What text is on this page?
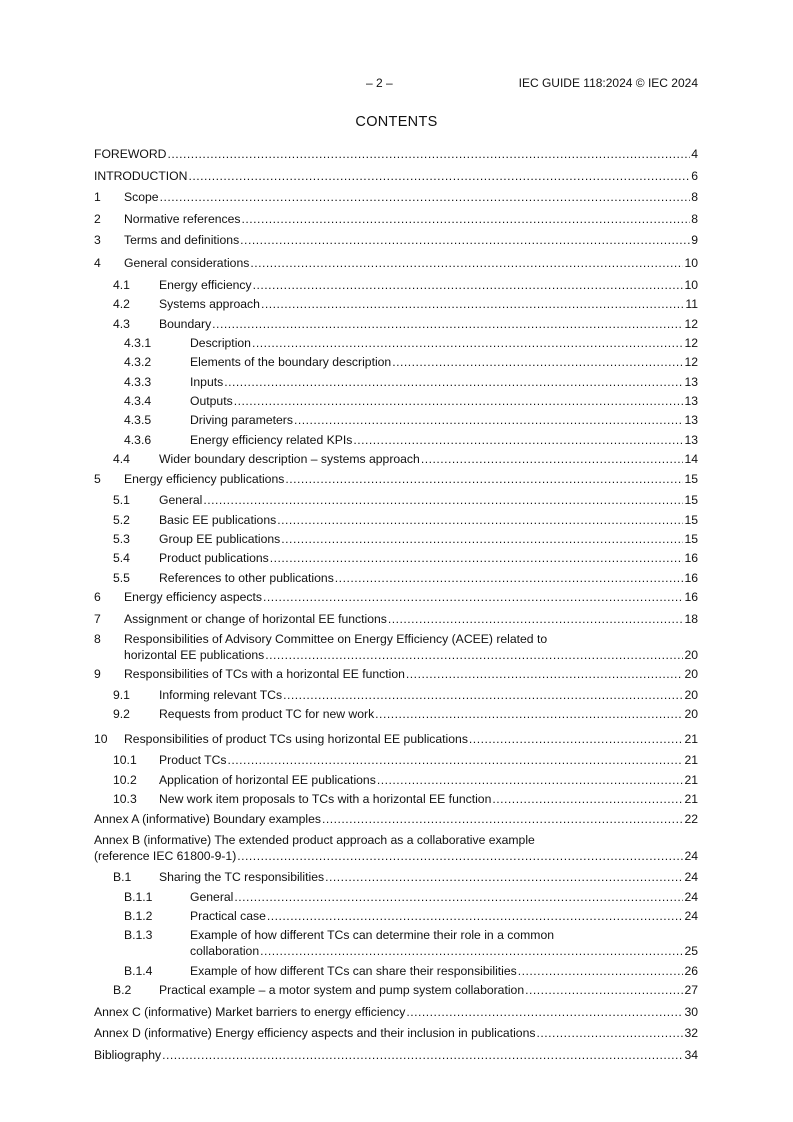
– 2 –	IEC GUIDE 118:2024 © IEC 2024
CONTENTS
FOREWORD .....	4
INTRODUCTION .....	6
1	Scope .....	8
2	Normative references .....	8
3	Terms and definitions .....	9
4	General considerations .....	10
4.1	Energy efficiency .....	10
4.2	Systems approach .....	11
4.3	Boundary .....	12
4.3.1	Description .....	12
4.3.2	Elements of the boundary description .....	12
4.3.3	Inputs .....	13
4.3.4	Outputs .....	13
4.3.5	Driving parameters .....	13
4.3.6	Energy efficiency related KPIs .....	13
4.4	Wider boundary description – systems approach .....	14
5	Energy efficiency publications .....	15
5.1	General .....	15
5.2	Basic EE publications .....	15
5.3	Group EE publications .....	15
5.4	Product publications .....	16
5.5	References to other publications .....	16
6	Energy efficiency aspects .....	16
7	Assignment or change of horizontal EE functions .....	18
8 Responsibilities of Advisory Committee on Energy Efficiency (ACEE) related to
horizontal EE publications .....	20
9	Responsibilities of TCs with a horizontal EE function .....	20
9.1	Informing relevant TCs .....	20
9.2	Requests from product TC for new work .....	20
10	Responsibilities of product TCs using horizontal EE publications .....	21
10.1	Product TCs .....	21
10.2	Application of horizontal EE publications .....	21
10.3	New work item proposals to TCs with a horizontal EE function .....	21
Annex A (informative) Boundary examples .....	22
Annex B (informative) The extended product approach as a collaborative example
(reference IEC 61800-9-1) .....	24
B.1	Sharing the TC responsibilities .....	24
B.1.1	General .....	24
B.1.2	Practical case .....	24
B.1.3	Example of how different TCs can determine their role in a common
collaboration .....	25
B.1.4	Example of how different TCs can share their responsibilities .....	26
B.2	Practical example – a motor system and pump system collaboration .....	27
Annex C (informative) Market barriers to energy efficiency .....	30
Annex D (informative) Energy efficiency aspects and their inclusion in publications .....	32
Bibliography .....	34
